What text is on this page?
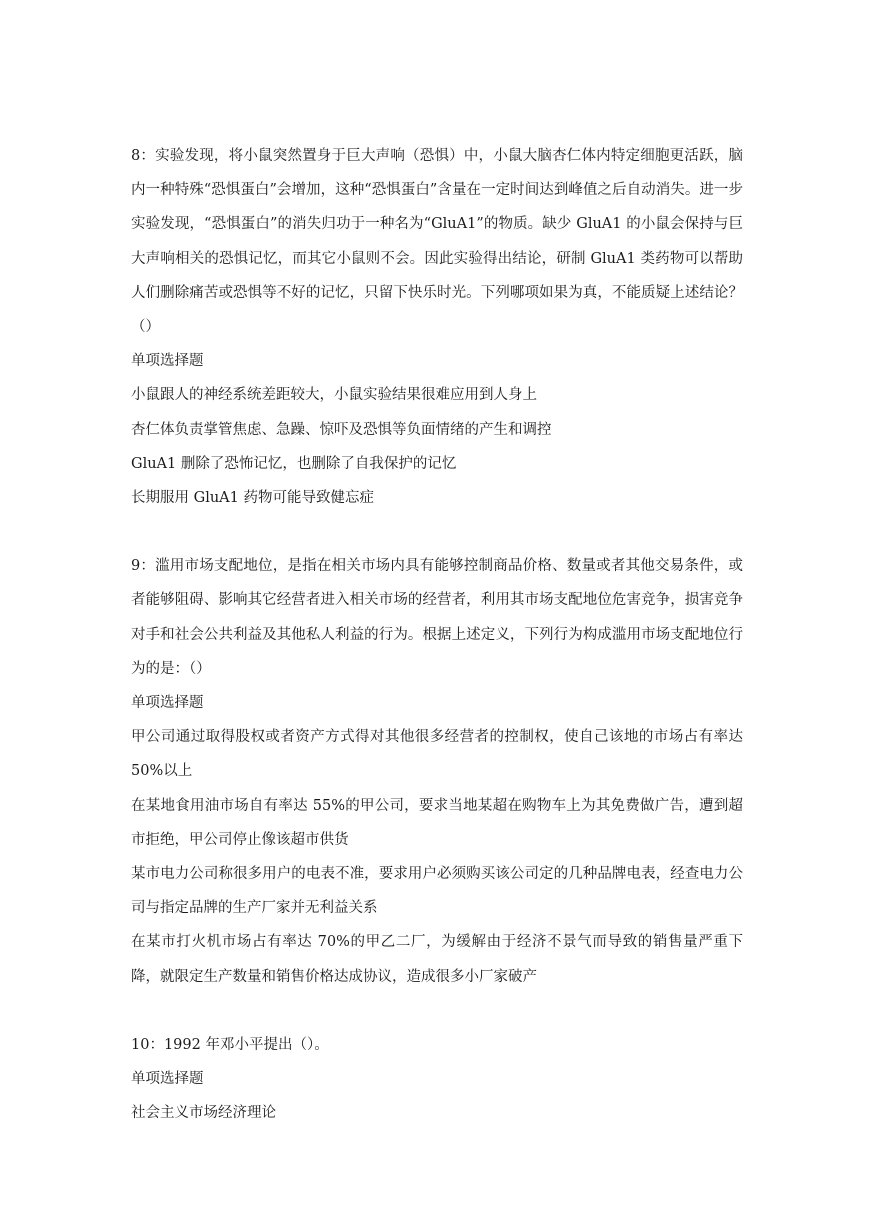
8：实验发现，将小鼠突然置身于巨大声响（恐惧）中，小鼠大脑杏仁体内特定细胞更活跃，脑内一种特殊“恐惧蛋白”会增加，这种“恐惧蛋白”含量在一定时间达到峰值之后自动消失。进一步实验发现，“恐惧蛋白”的消失归功于一种名为“GluA1”的物质。缺少 GluA1 的小鼠会保持与巨大声响相关的恐惧记忆，而其它小鼠则不会。因此实验得出结论，研制 GluA1 类药物可以帮助人们删除痛苦或恐惧等不好的记忆，只留下快乐时光。下列哪项如果为真，不能质疑上述结论？（）

单项选择题

小鼠跟人的神经系统差距较大，小鼠实验结果很难应用到人身上

杏仁体负责掌管焦虑、急躁、惊吓及恐惧等负面情绪的产生和调控

GluA1 删除了恐怖记忆，也删除了自我保护的记忆

长期服用 GluA1 药物可能导致健忘症

9：滥用市场支配地位，是指在相关市场内具有能够控制商品价格、数量或者其他交易条件，或者能够阻碍、影响其它经营者进入相关市场的经营者，利用其市场支配地位危害竞争，损害竞争对手和社会公共利益及其他私人利益的行为。根据上述定义，下列行为构成滥用市场支配地位行为的是：（）

单项选择题

甲公司通过取得股权或者资产方式得对其他很多经营者的控制权，使自己该地的市场占有率达 50%以上

在某地食用油市场自有率达 55%的甲公司，要求当地某超在购物车上为其免费做广告，遭到超市拒绝，甲公司停止像该超市供货

某市电力公司称很多用户的电表不准，要求用户必须购买该公司定的几种品牌电表，经查电力公司与指定品牌的生产厂家并无利益关系

在某市打火机市场占有率达 70%的甲乙二厂，为缓解由于经济不景气而导致的销售量严重下降，就限定生产数量和销售价格达成协议，造成很多小厂家破产

10：1992 年邓小平提出（）。

单项选择题

社会主义市场经济理论
